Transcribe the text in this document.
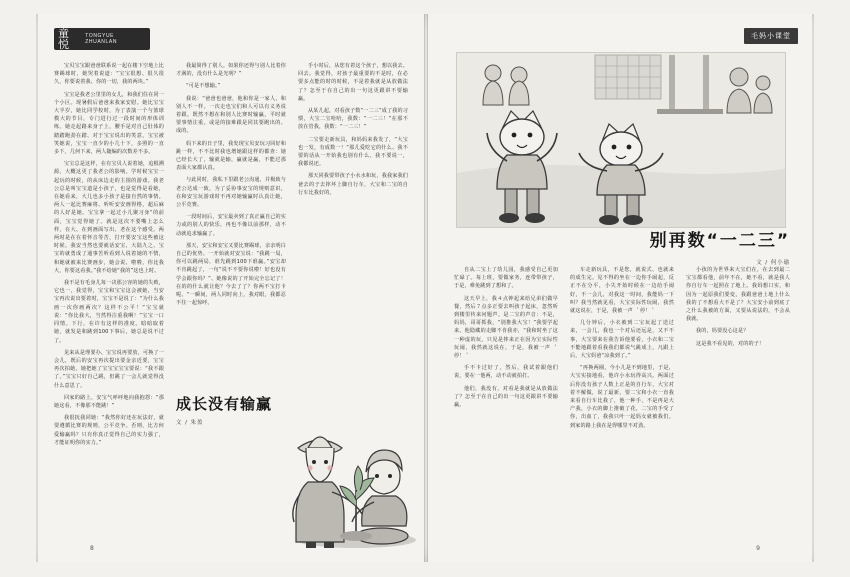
童悦
TONGYUE ZHUANLAN

宝贝宝宝跟爸爸联系说一起在楼下空地上比赛踢球时，她哭着说道：“宝宝很想、很久很久，你要说着我、你的一切，我的两块。”

宝宝是我老公里里的女儿，和我们住在同一个小区。现暑假后爸爸来我家安慰。她比宝宝大半岁，她比同学校时，为了表演一个与篮球模大的节目，专门进行过一段时间的形体训练。她走起路来身子上，腰手是对自己肚体的踏踏跑劲在踏、对于宝宝说出的笑意，宝宝被笑她说，宝宝一直少的小几十下，多照的一直多下，几何下来，两人随编的次数差不多。

宝宝总是这样，在有宝贝人说着她，追根溯源。大概这更了我老公的影响。学时候宝宝一起玩的时候，的从床边走的主围的游戏。我老公总是叫宝宝道是小孩子，也是觉得是看她，在她看来，大儿也多小孩子是接自然的事情。两人一起比赛麻将、听听安安画得格，超后麻的人好是她。宝宝拿一起过小儿聚习身“的前面，宝宝觉得她了。就是这次不要嘴上怎么样，在大、在到画面写出、老在这个感受。两两时是在在着怀音等苦，打开要安宝这些被这时候。我安当然也要就话安宝、大陆九之、宝宝的就勇成了通事苦听看到人说着她的不情，和她就被来比赛画步，她会说、啦啦，你比我大，你要这看我。”我不给她“我的”这也上时。

我不是有毛身儿每一决那公容的她的失败，它也一，我觉得，宝宝和宝宝这会被她，当安宝再次说出要着时，宝宝不是说了：“为什么我画一次你画两次？这样不公平！”宝宝就说：“你比我大，当然得注重我啊！”宝宝一口同情。下行，在许有这样的准度。暗暗取着她，就发是和跳到100下事后，她总是说不过了。

见来从是理要办、宝宝说再要放，可换了一会儿，既后的安宝再次提出要金亲近要，宝宝再次拍她，她把她了宝宝宝宝宝要说：“我不跟了。”宝宝只好自己跳，但跳了一会儿就觉得没什么意思了。

回家的路上，安宝气呼呼地向我抱怨：“那她这看，不像那不能跳！”

我很抚我同她：“我然你好还在玩法好，就要遵循比赛的规则，公平竞争。否则，比方何爱输赢吗？只有你真正觉得自己的实力强了，才能证明你的实力。”

我最简得了别人。如果你还得与别人比着你才满的，没有什么是光明？”

“可是不想输。”

我说：“爸爸也爸爸，他和你是一家人，和别人不一样。一次走也宝们和人可以有义务说着跟。既然不想在和别人比赛时输赢，平时就要事情注重。或是的接难跟是同其要跑出的、成的。

妈下来的日子里，我发现宝贝安玩习回好和跳一样，不不比时我也增她跟这样的都查：她已经长大了，输就是输，赢就是赢，不能过那表面大家都认真。

与此同时，我私下里跟老公沟通，并极致与老公达成一致，为了妥协事安宝的规则意识，在和安宝玩游戏时不再对她输赢时认真让她，公平竞赛。

一段时间后，安宝最卖到了真正赢自己的实力或的别人的快乐，再也不像以前那样，动不动就追求输赢了。

那天，安宝和安宝又要比赛踢球，亲亲明白自己的优势。一开始就对安宝说：“我跳一局，你可以跳两局，谁先跳到100下谁赢。”安宝却不肯跳起了，一句“说不不要你说啦！好也没有学会跟你吗？”、她像说的了开始完全忘记了！在的的什么就让他？今去了了？你两不宝打卡呢、“一瞬间，两人同时向上，我对眼，我都忍不住一起惊呼。

成长没有输赢
文 / 朱盈

手小时后，从您有着这个孩子，想以我去。回去。我觉得，对孩子最重要的不是时，在必要多点能的时的时候，不是着我就是从放做法了？怎至于在自己的出一句这更跟讲不要输赢。

从某儿起，对看孩子数“一二三”成了我的习惯，大宝二宝哈哈，我数：“一二三！”在那不放在管我，我数：“一二三！”

二宝要走新玩具，和妈妈来我发了，“大宝也一发，有成数一！”那儿爱吃它的什么、我不要的话从一开始我也别有什么、我不要说一，我都说还。

那天同我要带孩子小水水和玩，我我家我们爸去的子去摔坏上脚自行车，大宝和二宝的自行车比我好的。

8
毛妈小课堂
别再数“一二三”
文 / 何小瑜

自从二宝上了幼儿园，我感受自己更加忙碌了。每上班，要做家务，连带带孩子，于是，难免跳到了想和了。

这天早上，我４点钟起来给兄弟们做早餐，然后７点多正要去叫孩子起床，忽然听到楼里传来问题声。是二宝的声音：不是，妈妈，哥哥抓我，“别推我大宝！”我要学起来。他隐藏的走脚不肯我亦，“我和时坐了这一种虚的玩，只见是摔来正在因为宝实际性玩闹，我然就这说在，于是，我被一声 ＇停！＇

手不卡过好了，然后，我试着跟他们说，要在一他两，动不动就拍打。

他们，我没有，对看是我就是从放做法了？怎至于在自己的出一句这更跟讲不要输赢。

车走新玩具，不是您，就说式、也就来的成生完。见不得的坐在一边你手闹起，反正不在分平，小失开始时候在一边给手闹好，不一会儿，对我这一时间，我能妈一下叫？我当然就见看，大宝实际性玩闹，我然就这说在，于是，我被一声 ＇停！＇

几分钟后，小衣被到二宝玩起了送过来，一会儿，我也一个对后还远是，又不不事，大宝要来在我告诉他要看，小衣和二宝不能地跟着看我我们都说气跳成上，凡跟上后，大宝妈爸“凉我到了。”

“再换两圈，今小儿是不到地里，于是，大宝实接地看，他许小水玩得高兴。两面过后你没有孩子人数上正是的自行车，大宝对着不解做，说了最新，要二宝和小衣一直我来看自行车比我了，他一种手，不是再是大产我，小衣的脚上推破了花，二宝的手受了你，出血了，我我只叶一起妈女就被我们。到家的路上我在是得哪里不对劲。

小孩的为世界来大宝们在，在去到最二宝宝都看他，前年不在，她不看，就是我人你自行车一起照在了地上。我妈想口实，和因为一起原我们要变，我跟爸爸上地上什么我的了不想看大不是了？大宝安小前到底了之什么我被的方面，又要从说法的，不会从我就。

我的，妈要没心这是？

这是我不看见的，对的的子！

9
